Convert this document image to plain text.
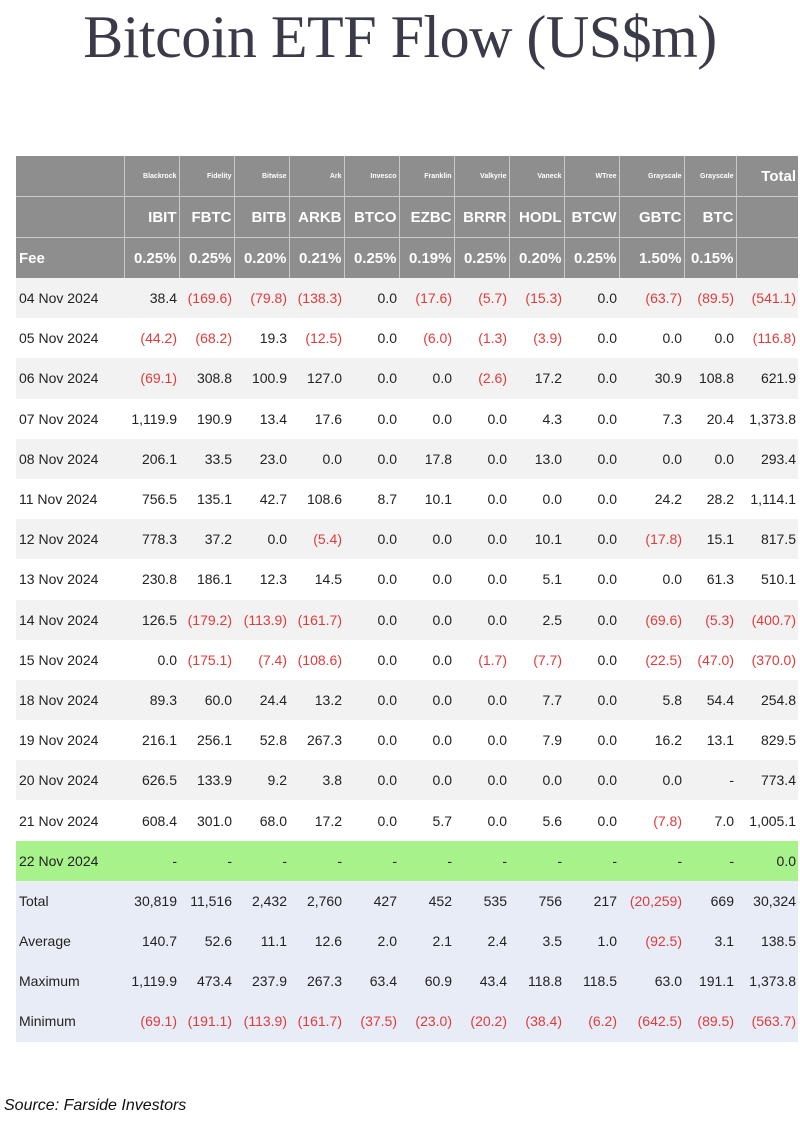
Bitcoin ETF Flow (US$m)
	Blackrock	Fidelity	Bitwise	Ark	Invesco	Franklin	Valkyrie	Vaneck	WTree	Grayscale	Grayscale	Total
	IBIT	FBTC	BITB	ARKB	BTCO	EZBC	BRRR	HODL	BTCW	GBTC	BTC	
Fee	0.25%	0.25%	0.20%	0.21%	0.25%	0.19%	0.25%	0.20%	0.25%	1.50%	0.15%	
04 Nov 2024	38.4	(169.6)	(79.8)	(138.3)	0.0	(17.6)	(5.7)	(15.3)	0.0	(63.7)	(89.5)	(541.1)
05 Nov 2024	(44.2)	(68.2)	19.3	(12.5)	0.0	(6.0)	(1.3)	(3.9)	0.0	0.0	0.0	(116.8)
06 Nov 2024	(69.1)	308.8	100.9	127.0	0.0	0.0	(2.6)	17.2	0.0	30.9	108.8	621.9
07 Nov 2024	1,119.9	190.9	13.4	17.6	0.0	0.0	0.0	4.3	0.0	7.3	20.4	1,373.8
08 Nov 2024	206.1	33.5	23.0	0.0	0.0	17.8	0.0	13.0	0.0	0.0	0.0	293.4
11 Nov 2024	756.5	135.1	42.7	108.6	8.7	10.1	0.0	0.0	0.0	24.2	28.2	1,114.1
12 Nov 2024	778.3	37.2	0.0	(5.4)	0.0	0.0	0.0	10.1	0.0	(17.8)	15.1	817.5
13 Nov 2024	230.8	186.1	12.3	14.5	0.0	0.0	0.0	5.1	0.0	0.0	61.3	510.1
14 Nov 2024	126.5	(179.2)	(113.9)	(161.7)	0.0	0.0	0.0	2.5	0.0	(69.6)	(5.3)	(400.7)
15 Nov 2024	0.0	(175.1)	(7.4)	(108.6)	0.0	0.0	(1.7)	(7.7)	0.0	(22.5)	(47.0)	(370.0)
18 Nov 2024	89.3	60.0	24.4	13.2	0.0	0.0	0.0	7.7	0.0	5.8	54.4	254.8
19 Nov 2024	216.1	256.1	52.8	267.3	0.0	0.0	0.0	7.9	0.0	16.2	13.1	829.5
20 Nov 2024	626.5	133.9	9.2	3.8	0.0	0.0	0.0	0.0	0.0	0.0	-	773.4
21 Nov 2024	608.4	301.0	68.0	17.2	0.0	5.7	0.0	5.6	0.0	(7.8)	7.0	1,005.1
22 Nov 2024	-	-	-	-	-	-	-	-	-	-	-	0.0
Total	30,819	11,516	2,432	2,760	427	452	535	756	217	(20,259)	669	30,324
Average	140.7	52.6	11.1	12.6	2.0	2.1	2.4	3.5	1.0	(92.5)	3.1	138.5
Maximum	1,119.9	473.4	237.9	267.3	63.4	60.9	43.4	118.8	118.5	63.0	191.1	1,373.8
Minimum	(69.1)	(191.1)	(113.9)	(161.7)	(37.5)	(23.0)	(20.2)	(38.4)	(6.2)	(642.5)	(89.5)	(563.7)
Source: Farside Investors
